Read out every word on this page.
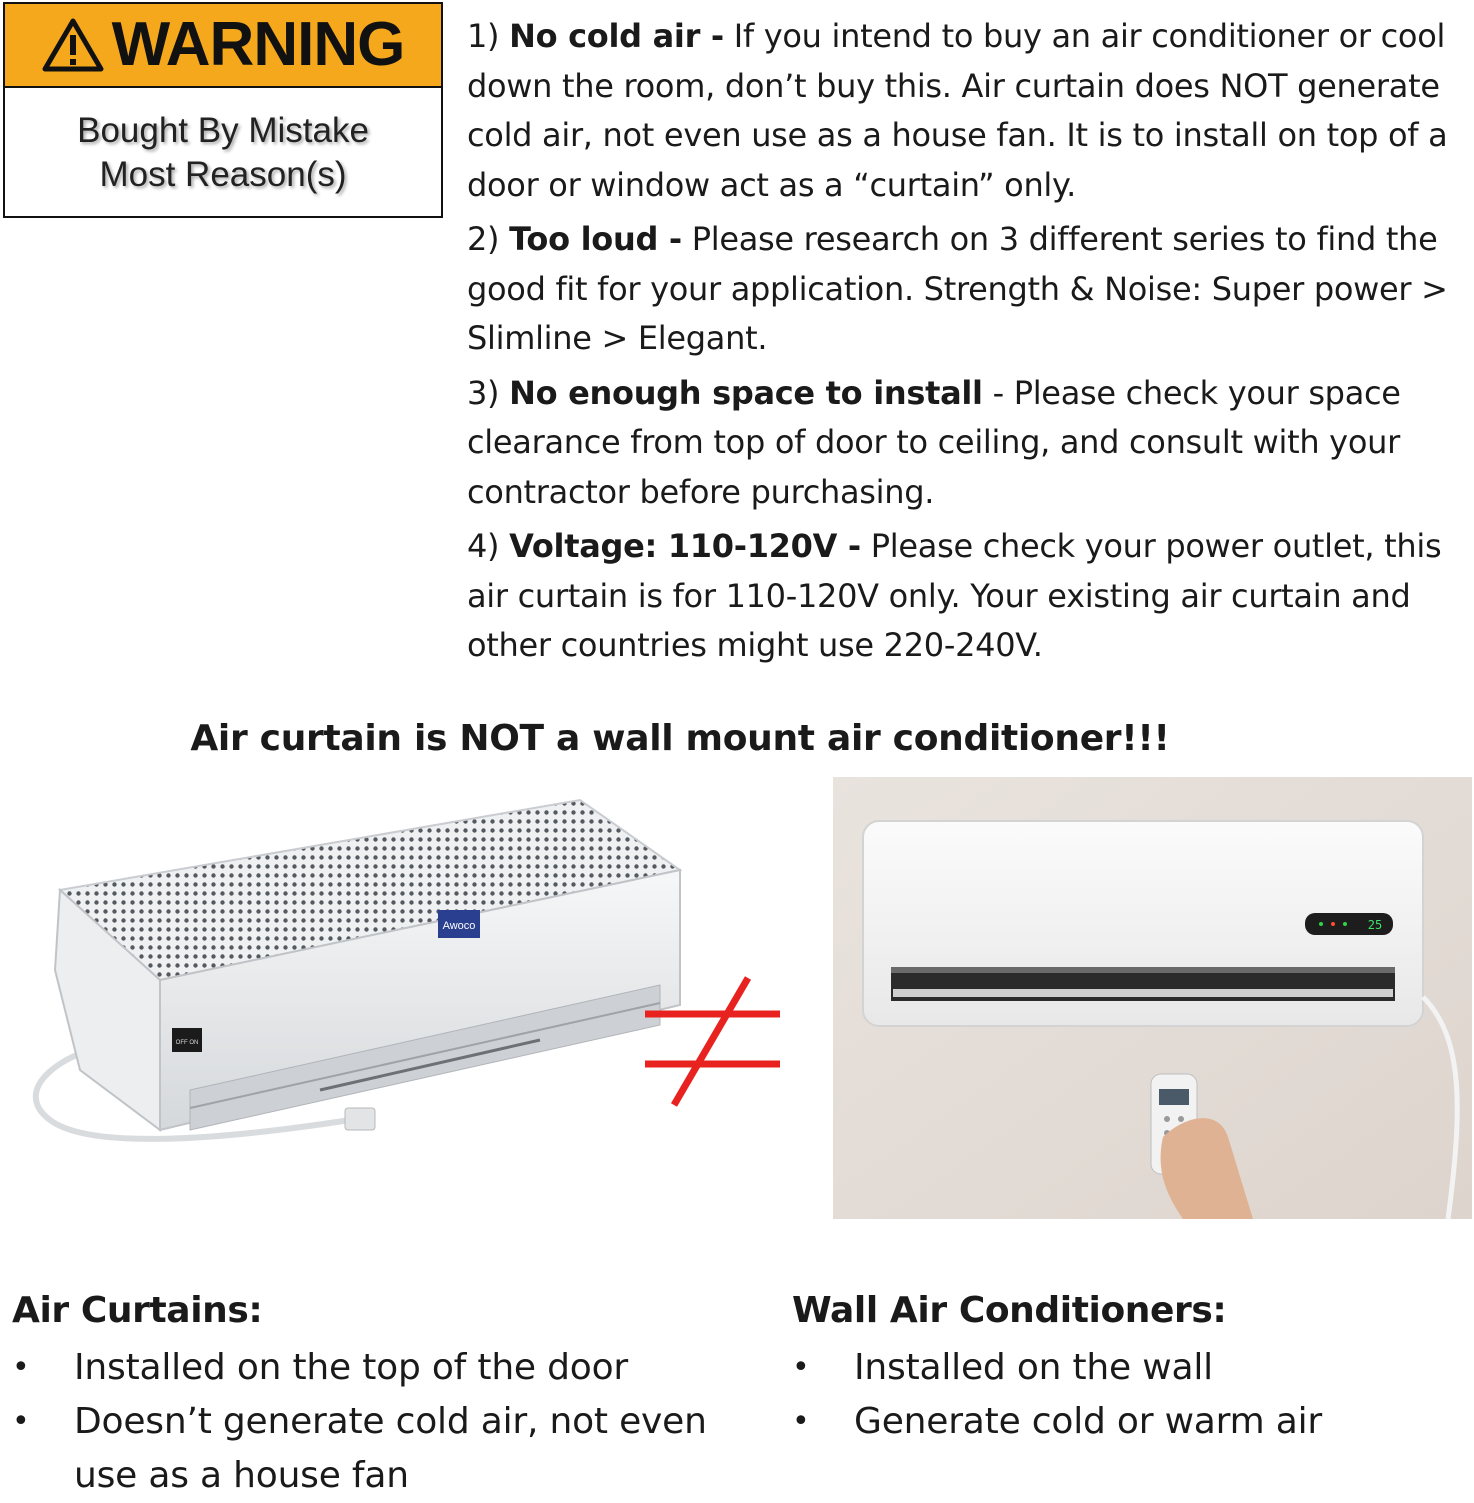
WARNING
Bought By Mistake
Most Reason(s)
1) No cold air - If you intend to buy an air conditioner or cool down the room, don’t buy this. Air curtain does NOT generate cold air, not even use as a house fan. It is to install on top of a door or window act as a “curtain” only.
2) Too loud - Please research on 3 different series to find the good fit for your application. Strength & Noise: Super power > Slimline > Elegant.
3) No enough space to install - Please check your space clearance from top of door to ceiling, and consult with your contractor before purchasing.
4) Voltage: 110-120V - Please check your power outlet, this air curtain is for 110-120V only. Your existing air curtain and other countries might use 220-240V.
Air curtain is NOT a wall mount air conditioner!!!
Awoco
OFF ON
25
Air Curtains:
• Installed on the top of the door
• Doesn’t generate cold air, not even use as a house fan
Wall Air Conditioners:
• Installed on the wall
• Generate cold or warm air
